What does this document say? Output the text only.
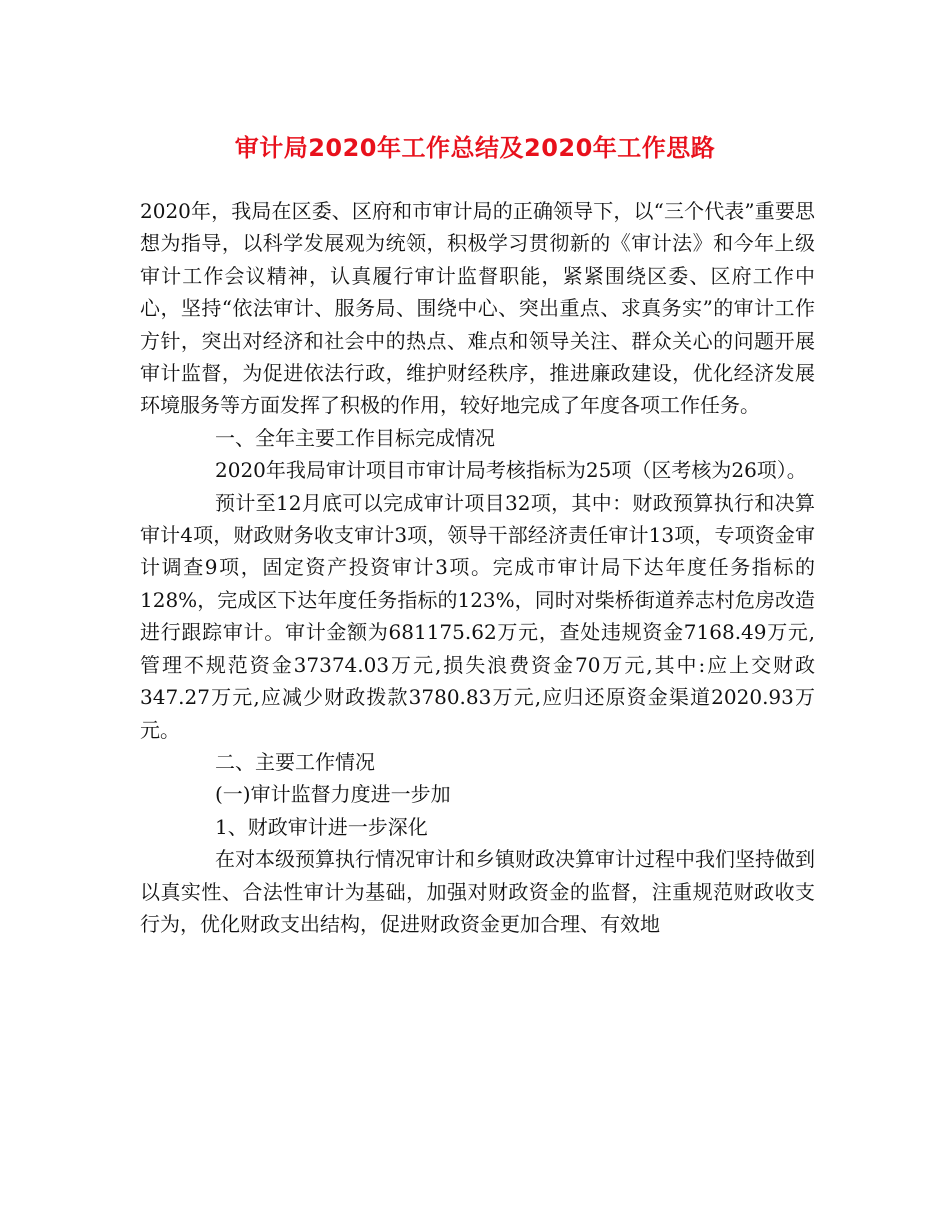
审计局2020年工作总结及2020年工作思路

2020年，我局在区委、区府和市审计局的正确领导下，以“三个代表”重要思想为指导，以科学发展观为统领，积极学习贯彻新的《审计法》和今年上级审计工作会议精神，认真履行审计监督职能，紧紧围绕区委、区府工作中心，坚持“依法审计、服务局、围绕中心、突出重点、求真务实”的审计工作方针，突出对经济和社会中的热点、难点和领导关注、群众关心的问题开展审计监督，为促进依法行政，维护财经秩序，推进廉政建设，优化经济发展环境服务等方面发挥了积极的作用，较好地完成了年度各项工作任务。

一、全年主要工作目标完成情况

2020年我局审计项目市审计局考核指标为25项（区考核为26项）。

预计至12月底可以完成审计项目32项，其中：财政预算执行和决算审计4项，财政财务收支审计3项，领导干部经济责任审计13项，专项资金审计调查9项，固定资产投资审计3项。完成市审计局下达年度任务指标的128%，完成区下达年度任务指标的123%，同时对柴桥街道养志村危房改造进行跟踪审计。审计金额为681175.62万元，查处违规资金7168.49万元,管理不规范资金37374.03万元,损失浪费资金70万元,其中:应上交财政347.27万元,应减少财政拨款3780.83万元,应归还原资金渠道2020.93万元。

二、主要工作情况

(一)审计监督力度进一步加

1、财政审计进一步深化

在对本级预算执行情况审计和乡镇财政决算审计过程中我们坚持做到以真实性、合法性审计为基础，加强对财政资金的监督，注重规范财政收支行为，优化财政支出结构，促进财政资金更加合理、有效地
